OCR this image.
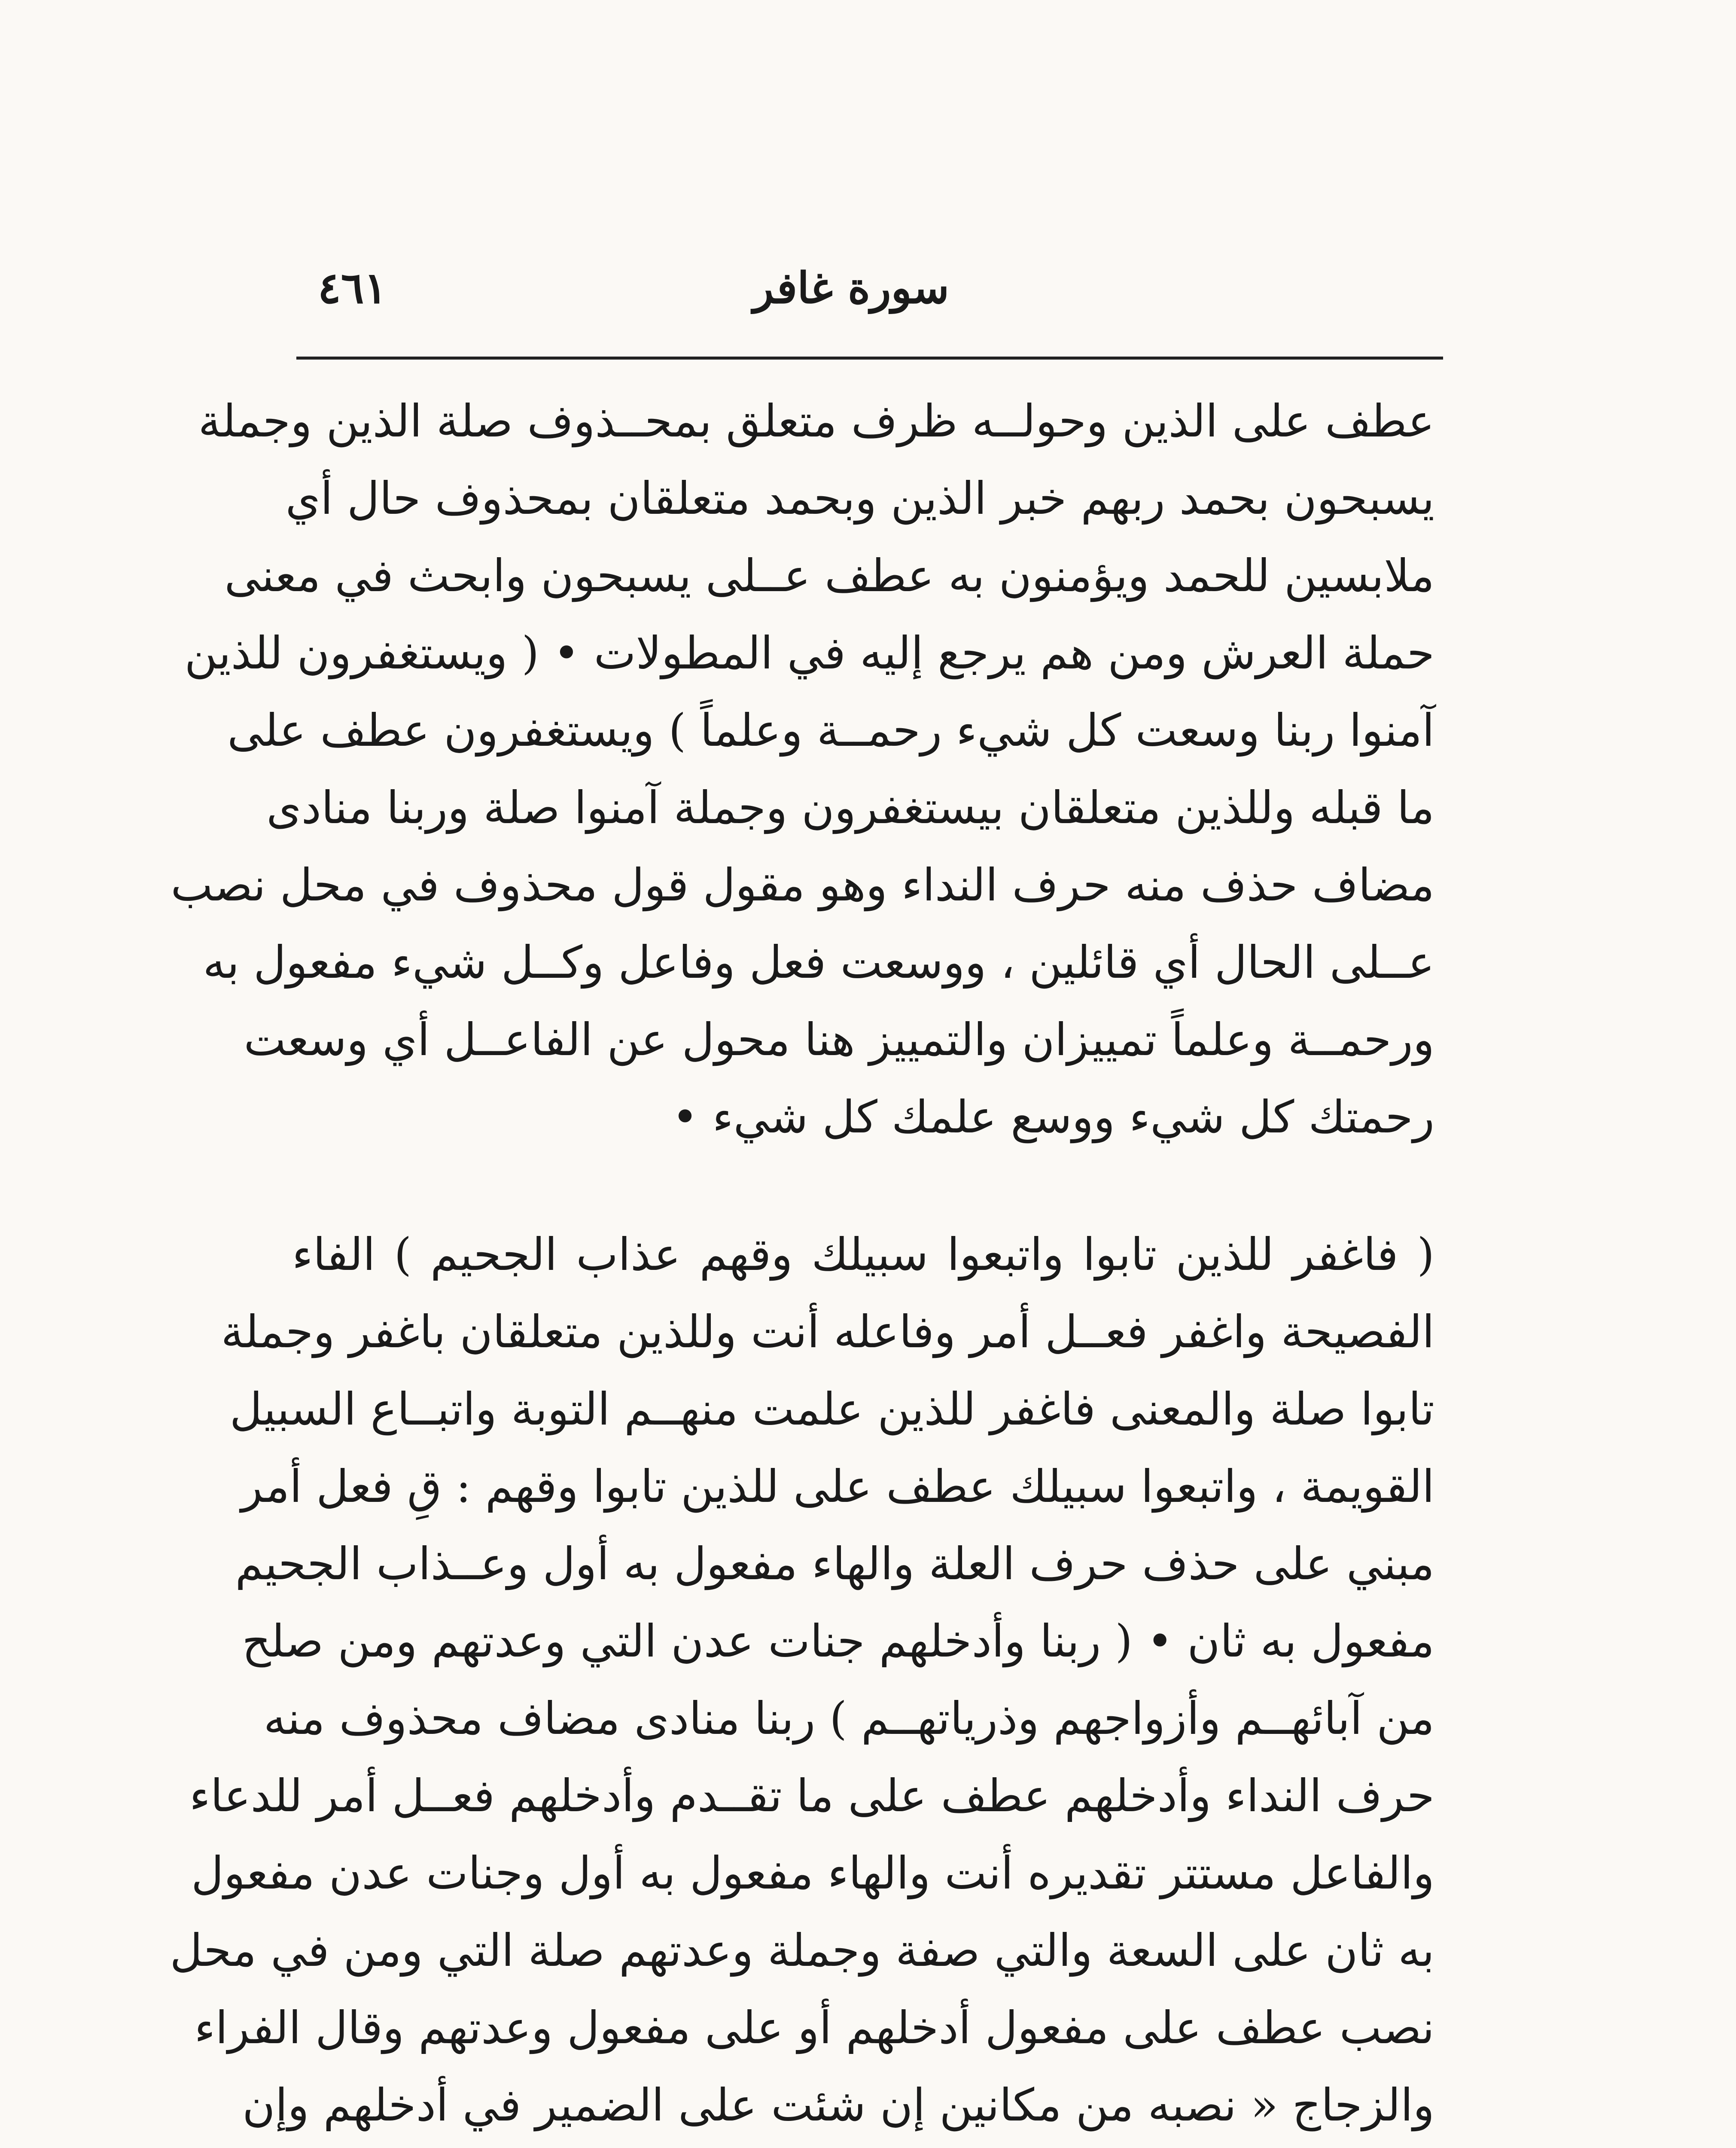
سورة غافر
٤٦١
عطف على الذين وحولــه ظرف متعلق بمحــذوف صلة الذين وجملة
يسبحون بحمد ربهم خبر الذين وبحمد متعلقان بمحذوف حال أي
ملابسين للحمد ويؤمنون به عطف عــلى يسبحون وابحث في معنى
حملة العرش ومن هم يرجع إليه في المطولات • ( ويستغفرون للذين
آمنوا ربنا وسعت كل شيء رحمــة وعلماً ) ويستغفرون عطف على
ما قبله وللذين متعلقان بيستغفرون وجملة آمنوا صلة وربنا منادى
مضاف حذف منه حرف النداء وهو مقول قول محذوف في محل نصب
عــلى الحال أي قائلين ، ووسعت فعل وفاعل وكــل شيء مفعول به
ورحمــة وعلماً تمييزان والتمييز هنا محول عن الفاعــل أي وسعت
رحمتك كل شيء ووسع علمك كل شيء •
( فاغفر للذين تابوا واتبعوا سبيلك وقهم عذاب الجحيم ) الفاء
الفصيحة واغفر فعــل أمر وفاعله أنت وللذين متعلقان باغفر وجملة
تابوا صلة والمعنى فاغفر للذين علمت منهــم التوبة واتبــاع السبيل
القويمة ، واتبعوا سبيلك عطف على للذين تابوا وقهم : قِ فعل أمر
مبني على حذف حرف العلة والهاء مفعول به أول وعــذاب الجحيم
مفعول به ثان • ( ربنا وأدخلهم جنات عدن التي وعدتهم ومن صلح
من آبائهــم وأزواجهم وذرياتهــم ) ربنا منادى مضاف محذوف منه
حرف النداء وأدخلهم عطف على ما تقــدم وأدخلهم فعــل أمر للدعاء
والفاعل مستتر تقديره أنت والهاء مفعول به أول وجنات عدن مفعول
به ثان على السعة والتي صفة وجملة وعدتهم صلة التي ومن في محل
نصب عطف على مفعول أدخلهم أو على مفعول وعدتهم وقال الفراء
والزجاج « نصبه من مكانين إن شئت على الضمير في أدخلهم وإن
